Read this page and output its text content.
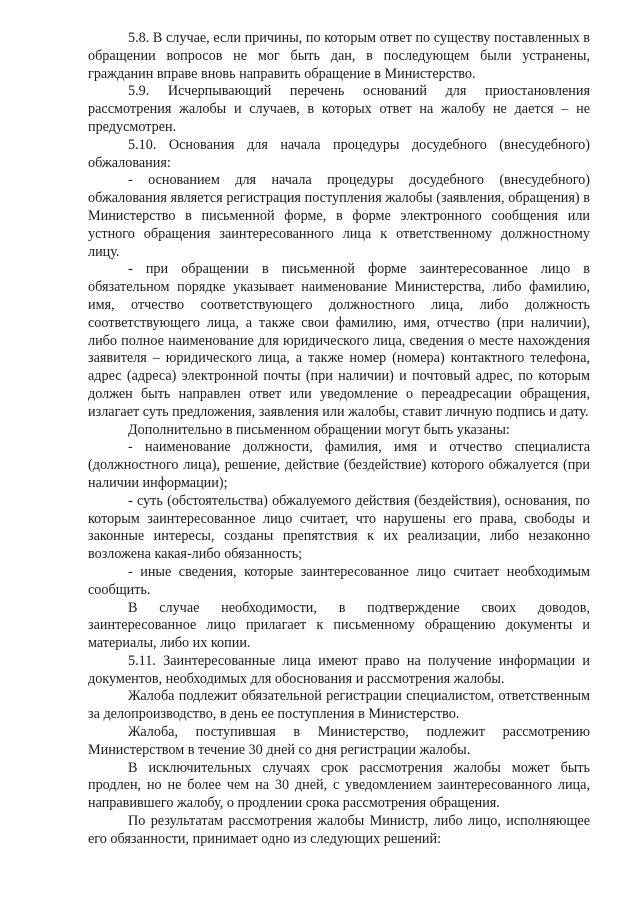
5.8. В случае, если причины, по которым ответ по существу поставленных в обращении вопросов не мог быть дан, в последующем были устранены, гражданин вправе вновь направить обращение в Министерство.

5.9. Исчерпывающий перечень оснований для приостановления рассмотрения жалобы и случаев, в которых ответ на жалобу не дается – не предусмотрен.

5.10. Основания для начала процедуры досудебного (внесудебного) обжалования:

- основанием для начала процедуры досудебного (внесудебного) обжалования является регистрация поступления жалобы (заявления, обращения) в Министерство в письменной форме, в форме электронного сообщения или устного обращения заинтересованного лица к ответственному должностному лицу.

- при обращении в письменной форме заинтересованное лицо в обязательном порядке указывает наименование Министерства, либо фамилию, имя, отчество соответствующего должностного лица, либо должность соответствующего лица, а также свои фамилию, имя, отчество (при наличии), либо полное наименование для юридического лица, сведения о месте нахождения заявителя – юридического лица, а также номер (номера) контактного телефона, адрес (адреса) электронной почты (при наличии) и почтовый адрес, по которым должен быть направлен ответ или уведомление о переадресации обращения, излагает суть предложения, заявления или жалобы, ставит личную подпись и дату.

Дополнительно в письменном обращении могут быть указаны:

- наименование должности, фамилия, имя и отчество специалиста (должностного лица), решение, действие (бездействие) которого обжалуется (при наличии информации);

- суть (обстоятельства) обжалуемого действия (бездействия), основания, по которым заинтересованное лицо считает, что нарушены его права, свободы и законные интересы, созданы препятствия к их реализации, либо незаконно возложена какая-либо обязанность;

- иные сведения, которые заинтересованное лицо считает необходимым сообщить.

В случае необходимости, в подтверждение своих доводов, заинтересованное лицо прилагает к письменному обращению документы и материалы, либо их копии.

5.11. Заинтересованные лица имеют право на получение информации и документов, необходимых для обоснования и рассмотрения жалобы.

Жалоба подлежит обязательной регистрации специалистом, ответственным за делопроизводство, в день ее поступления в Министерство.

Жалоба, поступившая в Министерство, подлежит рассмотрению Министерством в течение 30 дней со дня регистрации жалобы.

В исключительных случаях срок рассмотрения жалобы может быть продлен, но не более чем на 30 дней, с уведомлением заинтересованного лица, направившего жалобу, о продлении срока рассмотрения обращения.

По результатам рассмотрения жалобы Министр, либо лицо, исполняющее его обязанности, принимает одно из следующих решений:
